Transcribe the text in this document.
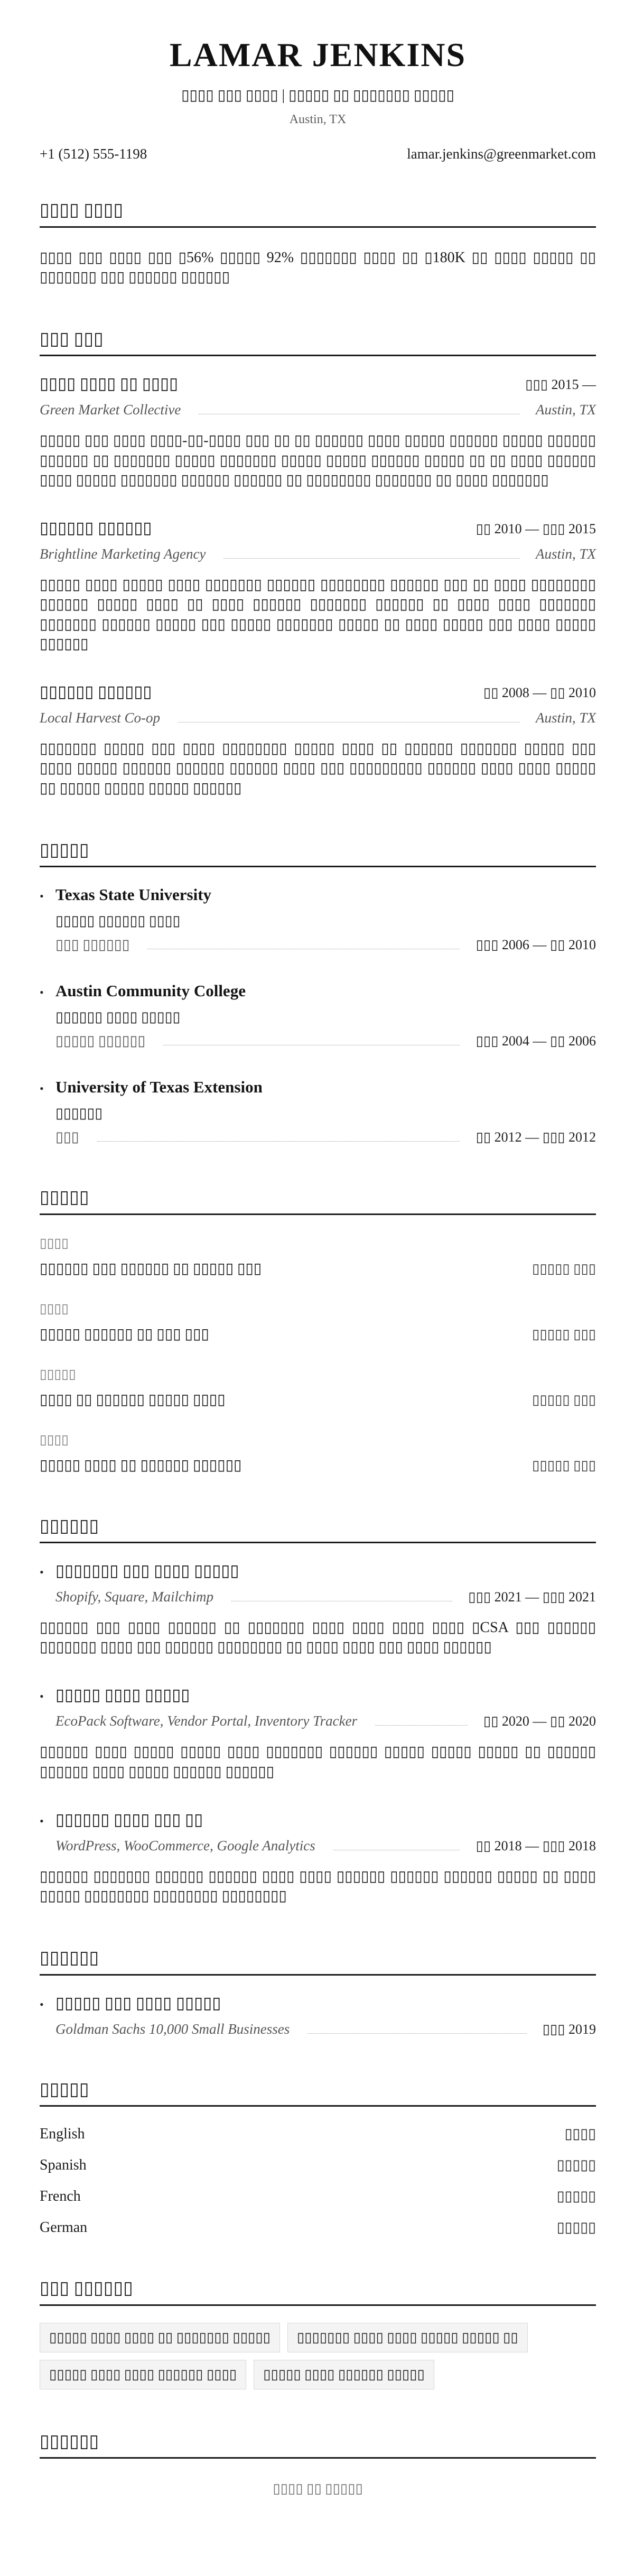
LAMAR JENKINS
▯▯▯▯ ▯▯▯ ▯▯▯▯ | ▯▯▯▯▯ ▯▯ ▯▯▯▯▯▯▯ ▯▯▯▯▯
Austin, TX
+1 (512) 555-1198	lamar.jenkins@greenmarket.com
▯▯▯▯ ▯▯▯▯

▯▯▯▯ ▯▯▯ ▯▯▯▯ ▯▯▯ ▯56% ▯▯▯▯▯ 92% ▯▯▯▯▯▯▯ ▯▯▯▯ ▯▯ ▯180K ▯▯ ▯▯▯▯ ▯▯▯▯▯ ▯▯ ▯▯▯▯▯▯▯ ▯▯▯ ▯▯▯▯▯▯ ▯▯▯▯▯▯

▯▯▯ ▯▯▯
▯▯▯▯ ▯▯▯▯ ▯▯ ▯▯▯▯	▯▯▯ 2015 —
Green Market Collective	Austin, TX

▯▯▯▯▯ ▯▯▯ ▯▯▯▯ ▯▯▯▯-▯▯-▯▯▯▯ ▯▯▯ ▯▯ ▯▯ ▯▯▯▯▯▯ ▯▯▯▯ ▯▯▯▯▯ ▯▯▯▯▯▯ ▯▯▯▯▯ ▯▯▯▯▯▯ ▯▯▯▯▯▯ ▯▯ ▯▯▯▯▯▯▯ ▯▯▯▯▯ ▯▯▯▯▯▯▯ ▯▯▯▯▯ ▯▯▯▯▯ ▯▯▯▯▯▯ ▯▯▯▯▯ ▯▯ ▯▯ ▯▯▯▯ ▯▯▯▯▯▯ ▯▯▯▯ ▯▯▯▯▯ ▯▯▯▯▯▯▯ ▯▯▯▯▯▯ ▯▯▯▯▯▯ ▯▯ ▯▯▯▯▯▯▯▯ ▯▯▯▯▯▯▯ ▯▯ ▯▯▯▯ ▯▯▯▯▯▯▯

▯▯▯▯▯▯ ▯▯▯▯▯▯	▯▯ 2010 — ▯▯▯ 2015
Brightline Marketing Agency	Austin, TX

▯▯▯▯▯ ▯▯▯▯ ▯▯▯▯▯ ▯▯▯▯ ▯▯▯▯▯▯▯ ▯▯▯▯▯▯ ▯▯▯▯▯▯▯▯ ▯▯▯▯▯▯ ▯▯▯ ▯▯ ▯▯▯▯ ▯▯▯▯▯▯▯▯ ▯▯▯▯▯▯ ▯▯▯▯▯ ▯▯▯▯ ▯▯ ▯▯▯▯ ▯▯▯▯▯▯ ▯▯▯▯▯▯▯ ▯▯▯▯▯▯ ▯▯ ▯▯▯▯ ▯▯▯▯ ▯▯▯▯▯▯▯ ▯▯▯▯▯▯▯ ▯▯▯▯▯▯ ▯▯▯▯▯ ▯▯▯ ▯▯▯▯▯ ▯▯▯▯▯▯▯ ▯▯▯▯▯ ▯▯ ▯▯▯▯ ▯▯▯▯▯ ▯▯▯ ▯▯▯▯ ▯▯▯▯▯ ▯▯▯▯▯▯

▯▯▯▯▯▯ ▯▯▯▯▯▯	▯▯ 2008 — ▯▯ 2010
Local Harvest Co-op	Austin, TX

▯▯▯▯▯▯▯ ▯▯▯▯▯ ▯▯▯ ▯▯▯▯ ▯▯▯▯▯▯▯▯ ▯▯▯▯▯ ▯▯▯▯ ▯▯ ▯▯▯▯▯▯ ▯▯▯▯▯▯▯ ▯▯▯▯▯ ▯▯▯ ▯▯▯▯ ▯▯▯▯▯ ▯▯▯▯▯▯ ▯▯▯▯▯▯ ▯▯▯▯▯▯ ▯▯▯▯ ▯▯▯ ▯▯▯▯▯▯▯▯▯ ▯▯▯▯▯▯ ▯▯▯▯ ▯▯▯▯ ▯▯▯▯▯ ▯▯ ▯▯▯▯▯ ▯▯▯▯▯ ▯▯▯▯▯ ▯▯▯▯▯▯

▯▯▯▯▯
• Texas State University
▯▯▯▯▯ ▯▯▯▯▯▯ ▯▯▯▯
▯▯▯ ▯▯▯▯▯▯	▯▯▯ 2006 — ▯▯ 2010
• Austin Community College
▯▯▯▯▯▯ ▯▯▯▯ ▯▯▯▯▯
▯▯▯▯▯ ▯▯▯▯▯▯	▯▯▯ 2004 — ▯▯ 2006
• University of Texas Extension
▯▯▯▯▯▯
▯▯▯	▯▯ 2012 — ▯▯▯ 2012
▯▯▯▯▯
▯▯▯▯
▯▯▯▯▯▯ ▯▯▯ ▯▯▯▯▯▯ ▯▯ ▯▯▯▯▯ ▯▯▯	▯▯▯▯▯ ▯▯▯
▯▯▯▯
▯▯▯▯▯ ▯▯▯▯▯▯ ▯▯ ▯▯▯ ▯▯▯	▯▯▯▯▯ ▯▯▯
▯▯▯▯▯
▯▯▯▯ ▯▯ ▯▯▯▯▯▯ ▯▯▯▯▯ ▯▯▯▯	▯▯▯▯▯ ▯▯▯
▯▯▯▯
▯▯▯▯▯ ▯▯▯▯ ▯▯ ▯▯▯▯▯▯ ▯▯▯▯▯▯	▯▯▯▯▯ ▯▯▯
▯▯▯▯▯▯
• ▯▯▯▯▯▯▯ ▯▯▯ ▯▯▯▯ ▯▯▯▯▯
Shopify, Square, Mailchimp	▯▯▯ 2021 — ▯▯▯ 2021

▯▯▯▯▯▯ ▯▯▯ ▯▯▯▯ ▯▯▯▯▯▯ ▯▯ ▯▯▯▯▯▯▯ ▯▯▯▯ ▯▯▯▯ ▯▯▯▯ ▯▯▯▯ ▯CSA ▯▯▯ ▯▯▯▯▯▯ ▯▯▯▯▯▯▯ ▯▯▯▯ ▯▯▯ ▯▯▯▯▯▯ ▯▯▯▯▯▯▯▯ ▯▯ ▯▯▯▯ ▯▯▯▯ ▯▯▯ ▯▯▯▯ ▯▯▯▯▯▯

• ▯▯▯▯▯ ▯▯▯▯ ▯▯▯▯▯
EcoPack Software, Vendor Portal, Inventory Tracker	▯▯ 2020 — ▯▯ 2020

▯▯▯▯▯▯ ▯▯▯▯ ▯▯▯▯▯ ▯▯▯▯▯ ▯▯▯▯ ▯▯▯▯▯▯▯ ▯▯▯▯▯▯ ▯▯▯▯▯ ▯▯▯▯▯ ▯▯▯▯▯ ▯▯ ▯▯▯▯▯▯ ▯▯▯▯▯▯ ▯▯▯▯ ▯▯▯▯▯ ▯▯▯▯▯▯ ▯▯▯▯▯▯

• ▯▯▯▯▯▯ ▯▯▯▯ ▯▯▯ ▯▯
WordPress, WooCommerce, Google Analytics	▯▯ 2018 — ▯▯▯ 2018

▯▯▯▯▯▯ ▯▯▯▯▯▯▯ ▯▯▯▯▯▯ ▯▯▯▯▯▯ ▯▯▯▯ ▯▯▯▯ ▯▯▯▯▯▯ ▯▯▯▯▯▯ ▯▯▯▯▯▯ ▯▯▯▯▯ ▯▯ ▯▯▯▯ ▯▯▯▯▯ ▯▯▯▯▯▯▯▯ ▯▯▯▯▯▯▯▯ ▯▯▯▯▯▯▯▯

▯▯▯▯▯▯
• ▯▯▯▯▯ ▯▯▯ ▯▯▯▯ ▯▯▯▯▯
Goldman Sachs 10,000 Small Businesses	▯▯▯ 2019
▯▯▯▯▯
English	▯▯▯▯
Spanish	▯▯▯▯▯
French	▯▯▯▯▯
German	▯▯▯▯▯
▯▯▯ ▯▯▯▯▯▯
▯▯▯▯▯ ▯▯▯▯ ▯▯▯▯ ▯▯ ▯▯▯▯▯▯▯ ▯▯▯▯▯	▯▯▯▯▯▯▯ ▯▯▯▯ ▯▯▯▯ ▯▯▯▯▯ ▯▯▯▯▯ ▯▯
▯▯▯▯▯ ▯▯▯▯ ▯▯▯▯ ▯▯▯▯▯▯ ▯▯▯▯	▯▯▯▯▯ ▯▯▯▯ ▯▯▯▯▯▯ ▯▯▯▯▯
▯▯▯▯▯▯
▯▯▯▯ ▯▯ ▯▯▯▯▯
